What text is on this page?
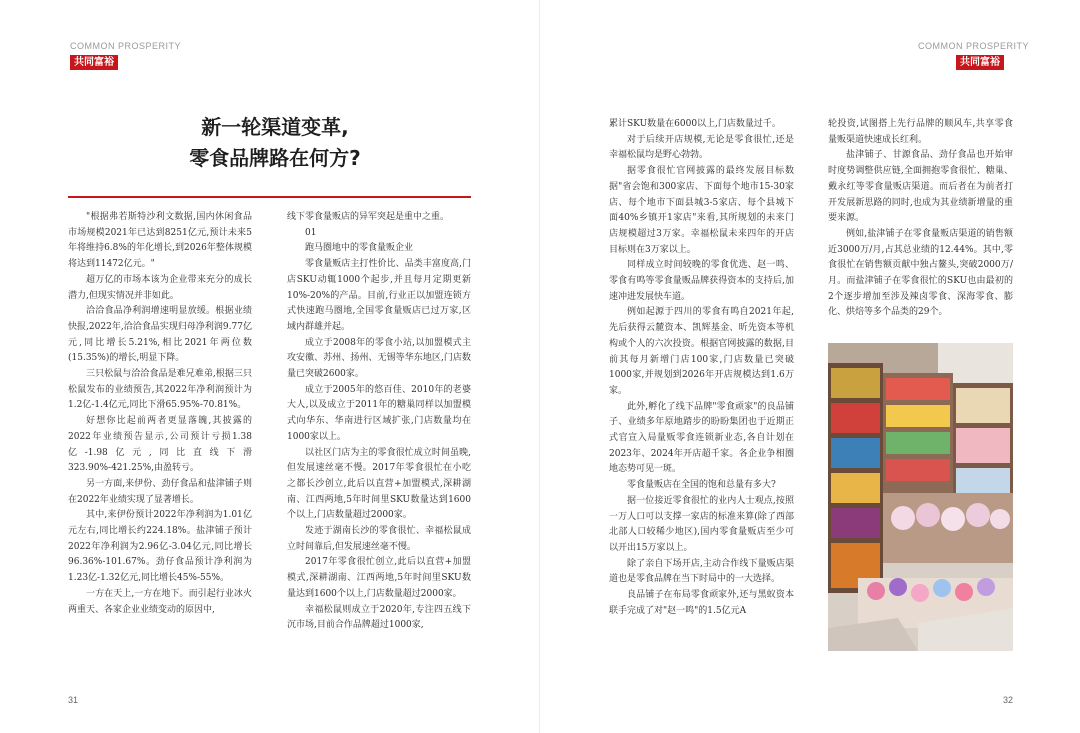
COMMON PROSPERITY
共同富裕
新一轮渠道变革,
零食品牌路在何方?

"根据弗若斯特沙利文数据,国内休闲食品市场规模2021年已达到8251亿元,预计未来5年将维持6.8%的年化增长,到2026年整体规模将达到11472亿元。"

超万亿的市场本该为企业带来充分的成长潜力,但现实情况并非如此。

洽洽食品净利润增速明显放缓。根据业绩快报,2022年,洽洽食品实现归母净利润9.77亿元,同比增长5.21%,相比2021年两位数(15.35%)的增长,明显下降。

三只松鼠与洽洽食品是难兄难弟,根据三只松鼠发布的业绩预告,其2022年净利润预计为1.2亿-1.4亿元,同比下滑65.95%-70.81%。

好想你比起前两者更显落魄,其披露的2022年业绩预告显示,公司预计亏损1.38亿-1.98亿元,同比直线下滑323.90%-421.25%,由盈转亏。

另一方面,来伊份、劲仔食品和盐津铺子则在2022年业绩实现了显著增长。

其中,来伊份预计2022年净利润为1.01亿元左右,同比增长约224.18%。盐津铺子预计2022年净利润为2.96亿-3.04亿元,同比增长96.36%-101.67%。劲仔食品预计净利润为1.23亿-1.32亿元,同比增长45%-55%。

一方在天上,一方在地下。而引起行业冰火两重天、各家企业业绩变动的原因中,

线下零食量贩店的异军突起是重中之重。

01

跑马圈地中的零食量贩企业

零食量贩店主打性价比、品类丰富度高,门店SKU动辄1000个起步,并且每月定期更新10%-20%的产品。目前,行业正以加盟连锁方式快速跑马圈地,全国零食量贩店已过万家,区域内群雄并起。

成立于2008年的零食小站,以加盟模式主攻安徽、苏州、扬州、无锡等华东地区,门店数量已突破2600家。

成立于2005年的悠百佳、2010年的老婆大人,以及成立于2011年的糖巢同样以加盟模式向华东、华南进行区域扩张,门店数量均在1000家以上。

以社区门店为主的零食很忙成立时间虽晚,但发展速丝毫不慢。2017年零食很忙在小吃之都长沙创立,此后以直营+加盟模式,深耕湖南、江西两地,5年时间里SKU数量达到1600个以上,门店数量超过2000家。

发迹于湖南长沙的零食很忙、幸福松鼠成立时间靠后,但发展速丝毫不慢。

2017年零食很忙创立,此后以直营+加盟模式,深耕湖南、江西两地,5年时间里SKU数量达到1600个以上,门店数量超过2000家。

幸福松鼠则成立于2020年,专注四五线下沉市场,目前合作品牌超过1000家,

31
COMMON PROSPERITY
共同富裕

累计SKU数量在6000以上,门店数量过千。

对于后续开店规模,无论是零食很忙,还是幸福松鼠均是野心勃勃。

据零食很忙官网披露的最终发展目标数据"省会饱和300家店、下面每个地市15-30家店、每个地市下面县城3-5家店、每个县城下面40%乡镇开1家店"来看,其所规划的未来门店规模超过3万家。幸福松鼠未来四年的开店目标则在3万家以上。

同样成立时间较晚的零食优选、赵一鸣、零食有鸣等零食量贩品牌获得资本的支持后,加速冲进发展快车道。

例如起源于四川的零食有鸣自2021年起,先后获得云麓资本、凯辉基金、昕先资本等机构或个人的六次投资。根据官网披露的数据,目前其每月新增门店100家,门店数量已突破1000家,并规划到2026年开店规模达到1.6万家。

此外,孵化了线下品牌"零食顽家"的良品铺子、业绩多年原地踏步的盼盼集团也于近期正式官宣入局量贩零食连锁新业态,各自计划在2023年、2024年开店超千家。各企业争相圈地态势可见一斑。

零食量贩店在全国的饱和总量有多大?

据一位接近零食很忙的业内人士观点,按照一万人口可以支撑一家店的标准来算(除了西部北部人口较稀少地区),国内零食量贩店至少可以开出15万家以上。

除了亲自下场开店,主动合作线下量贩店渠道也是零食品牌在当下时局中的一大选择。

良品铺子在布局零食顽家外,还与黑蚁资本联手完成了对"赵一鸣"的1.5亿元A

轮投资,试图搭上先行品牌的顺风车,共享零食量贩渠道快速成长红利。

盐津铺子、甘源食品、劲仔食品也开始审时度势调整供应链,全面拥抱零食很忙、糖巢、戴永红等零食量贩店渠道。而后者在为前者打开发展新思路的同时,也成为其业绩新增量的重要来源。

例如,盐津铺子在零食量贩店渠道的销售额近3000万/月,占其总业绩的12.44%。其中,零食很忙在销售额贡献中独占鳌头,突破2000万/月。而盐津铺子在零食很忙的SKU也由最初的2个逐步增加至涉及辣卤零食、深海零食、膨化、烘焙等多个品类的29个。

32
